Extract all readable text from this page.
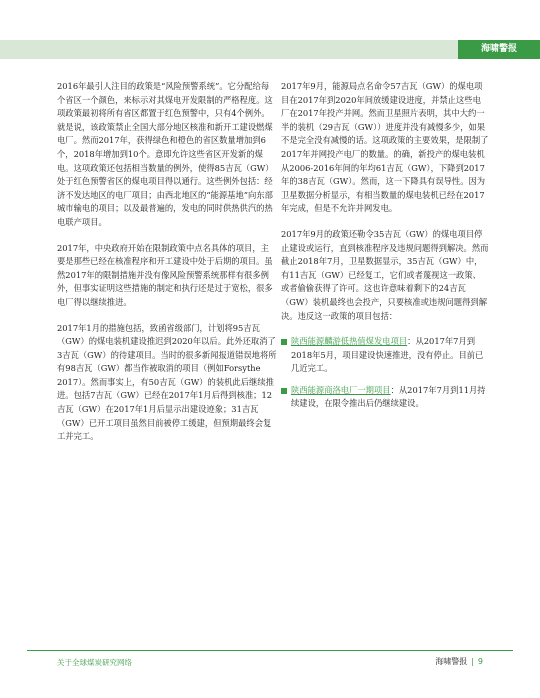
海啸警报

2016年最引人注目的政策是“风险预警系统”。它分配给每个省区一个颜色，来标示对其煤电开发限制的严格程度。这项政策最初将所有省区都置于红色预警中，只有4个例外。就是说，该政策禁止全国大部分地区核准和新开工建设燃煤电厂。然而2017年，获得绿色和橙色的省区数量增加到6个，2018年增加到10个。意即允许这些省区开发新的煤电。这项政策还包括相当数量的例外，使得85吉瓦（GW）处于红色预警省区的煤电项目得以通行。这些例外包括：经济不发达地区的电厂项目；由西北地区的“能源基地”向东部城市输电的项目；以及最普遍的，发电的同时供热供汽的热电联产项目。

2017年，中央政府开始在限制政策中点名具体的项目，主要是那些已经在核准程序和开工建设中处于后期的项目。虽然2017年的限制措施并没有像风险预警系统那样有很多例外，但事实证明这些措施的制定和执行还是过于宽松，很多电厂得以继续推进。

2017年1月的措施包括，致函省级部门，计划将95吉瓦（GW）的煤电装机建设推迟到2020年以后。此外还取消了3吉瓦（GW）的待建项目。当时的很多新闻报道错误地将所有98吉瓦（GW）都当作被取消的项目（例如Forsythe 2017）。然而事实上，有50吉瓦（GW）的装机此后继续推进。包括7吉瓦（GW）已经在2017年1月后得到核准；12吉瓦（GW）在2017年1月后显示出建设迹象；31吉瓦（GW）已开工项目虽然目前被停工缓建，但预期最终会复工并完工。

2017年9月，能源局点名命令57吉瓦（GW）的煤电项目在2017年到2020年间放缓建设进度，并禁止这些电厂在2017年投产并网。然而卫星照片表明，其中大约一半的装机（29吉瓦（GW））进度并没有减慢多少，如果不是完全没有减慢的话。这项政策的主要效果，是限制了2017年并网投产电厂的数量。的确，新投产的煤电装机从2006-2016年间的年均61吉瓦（GW），下降到2017年的38吉瓦（GW）。然而，这一下降具有误导性。因为卫星数据分析显示，有相当数量的煤电装机已经在2017年完成，但是不允许并网发电。

2017年9月的政策还勒令35吉瓦（GW）的煤电项目停止建设或运行，直到核准程序及违规问题得到解决。然而截止2018年7月，卫星数据显示，35吉瓦（GW）中，有11吉瓦（GW）已经复工，它们或者蔑视这一政策、或者偷偷获得了许可。这也许意味着剩下的24吉瓦（GW）装机最终也会投产，只要核准或违规问题得到解决。违反这一政策的项目包括：

陕西能源麟游低热值煤发电项目：从2017年7月到2018年5月，项目建设快速推进，没有停止。目前已几近完工。
陕西能源商洛电厂一期项目：从2017年7月到11月持续建设，在限令推出后仍继续建设。
关于全球煤炭研究网络	海啸警报 | 9
